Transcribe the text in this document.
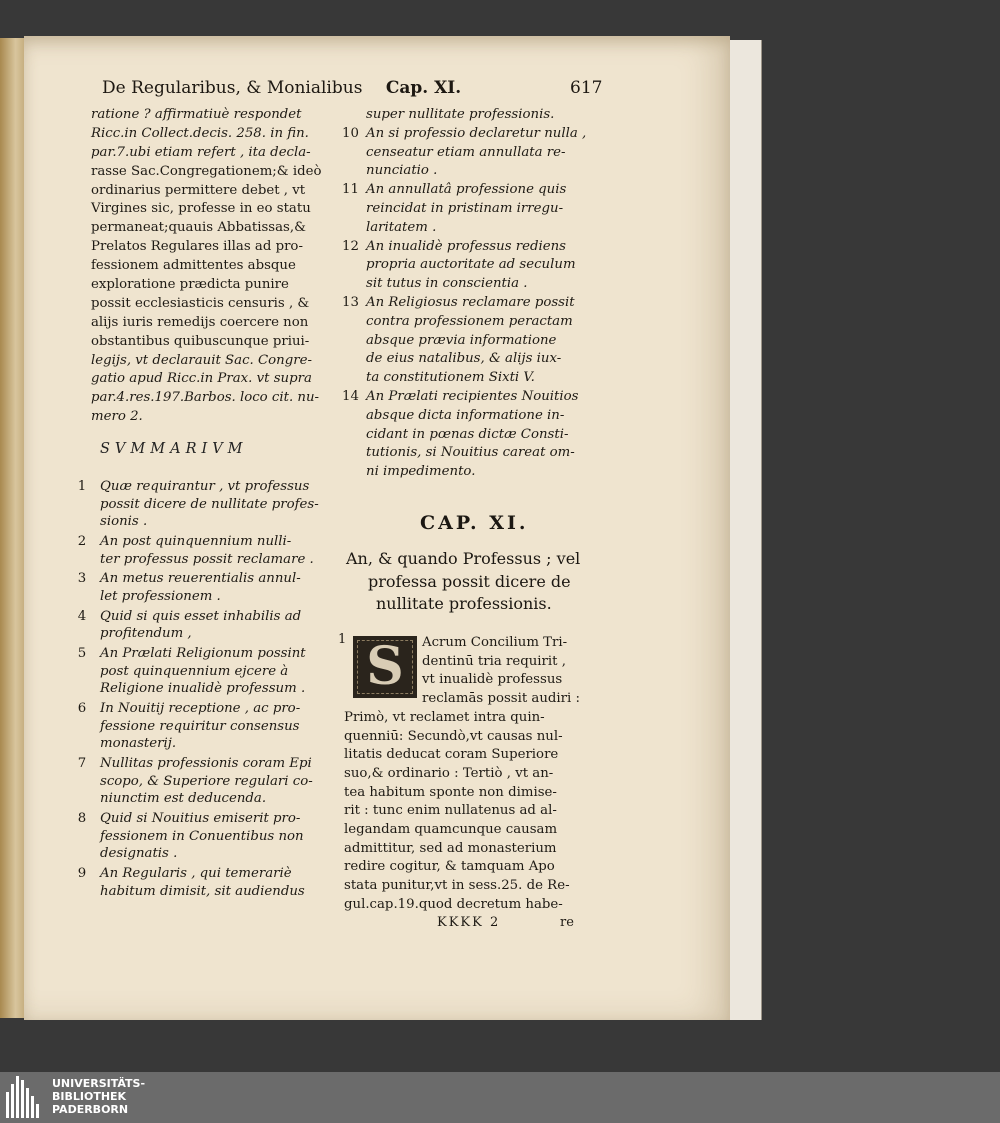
De Regularibus, & Monialibus Cap. XI.	617
ratione ? affirmatiuè respondet
Ricc.in Collect.decis. 258. in fin.
par.7.ubi etiam refert , ita decla-
rasse Sac.Congregationem;& ideò
ordinarius permittere debet , vt
Virgines sic, professe in eo statu
permaneat;quauis Abbatissas,&
Prelatos Regulares illas ad pro-
fessionem admittentes absque
exploratione prædicta punire
possit ecclesiasticis censuris , &
alijs iuris remedijs coercere non
obstantibus quibuscunque priui-
legijs, vt declarauit Sac. Congre-
gatio apud Ricc.in Prax. vt supra
par.4.res.197.Barbos. loco cit. nu-
mero 2.
SVMMARIVM
1	Quæ requirantur , vt professus
possit dicere de nullitate profes-
sionis .
2	An post quinquennium nulli-
ter professus possit reclamare .
3	An metus reuerentialis annul-
let professionem .
4	Quid si quis esset inhabilis ad
profitendum ,
5	An Prælati Religionum possint
post quinquennium ejcere à
Religione inualidè professum .
6	In Nouitij receptione , ac pro-
fessione requiritur consensus
monasterij.
7	Nullitas professionis coram Epi
scopo, & Superiore regulari co-
niunctim est deducenda.
8	Quid si Nouitius emiserit pro-
fessionem in Conuentibus non
designatis .
9	An Regularis , qui temerariè
habitum dimisit, sit audiendus
super nullitate professionis.
10 An si professio declaretur nulla ,
censeatur etiam annullata re-
nunciatio .
11 An annullatâ professione quis
reincidat in pristinam irregu-
laritatem .
12 An inualidè professus rediens
propria auctoritate ad seculum
sit tutus in conscientia .
13 An Religiosus reclamare possit
contra professionem peractam
absque prævia informatione
de eius natalibus, & alijs iux-
ta constitutionem Sixti V.
14 An Prælati recipientes Nouitios
absque dicta informatione in-
cidant in pœnas dictæ Consti-
tutionis, si Nouitius careat om-
ni impedimento.
CAP. XI.
An, & quando Professus ; vel
professa possit dicere de
nullitate professionis.
1 S	Acrum Concilium Tri-
dentinū tria requirit ,
vt inualidè professus
reclamās possit audiri :
Primò, vt reclamet intra quin-
quenniū: Secundò,vt causas nul-
litatis deducat coram Superiore
suo,& ordinario : Tertiò , vt an-
tea habitum sponte non dimise-
rit : tunc enim nullatenus ad al-
legandam quamcunque causam
admittitur, sed ad monasterium
redire cogitur, & tamquam Apo
stata punitur,vt in sess.25. de Re-
gul.cap.19.quod decretum habe-
KKKK 2	re
UNIVERSITÄTS-
BIBLIOTHEK
PADERBORN
